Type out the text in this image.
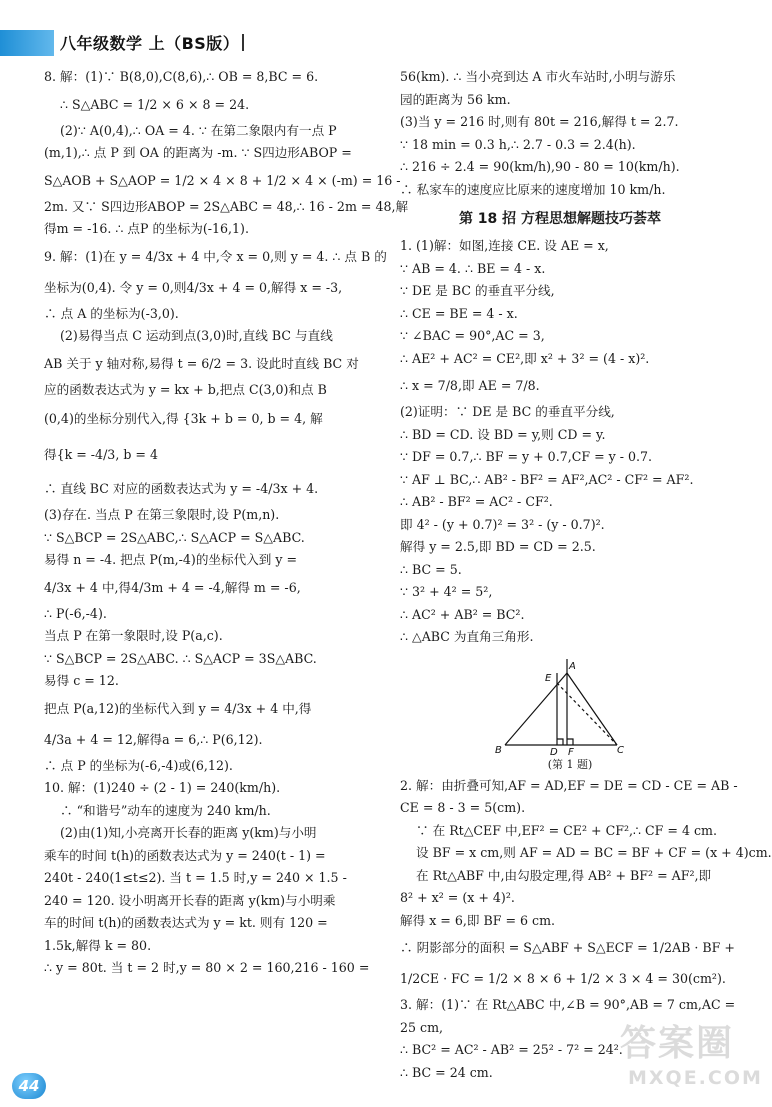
八年级数学 上（BS版）
8. 解：(1)∵ B(8,0),C(8,6),∴ OB = 8,BC = 6.
∴ S△ABC = 1/2 × 6 × 8 = 24.
(2)∵ A(0,4),∴ OA = 4. ∵ 在第二象限内有一点 P
(m,1),∴ 点 P 到 OA 的距离为 -m. ∵ S四边形ABOP =
S△AOB + S△AOP = 1/2 × 4 × 8 + 1/2 × 4 × (-m) = 16 -
2m. 又∵ S四边形ABOP = 2S△ABC = 48,∴ 16 - 2m = 48,解
得m = -16. ∴ 点P 的坐标为(-16,1).
9. 解：(1)在 y = 4/3x + 4 中,令 x = 0,则 y = 4. ∴ 点 B 的
坐标为(0,4). 令 y = 0,则4/3x + 4 = 0,解得 x = -3,
∴ 点 A 的坐标为(-3,0).
(2)易得当点 C 运动到点(3,0)时,直线 BC 与直线
AB 关于 y 轴对称,易得 t = 6/2 = 3. 设此时直线 BC 对
应的函数表达式为 y = kx + b,把点 C(3,0)和点 B
(0,4)的坐标分别代入,得 {3k + b = 0, b = 4, 解
得{k = -4/3, b = 4
∴ 直线 BC 对应的函数表达式为 y = -4/3x + 4.
(3)存在. 当点 P 在第三象限时,设 P(m,n).
∵ S△BCP = 2S△ABC,∴ S△ACP = S△ABC.
易得 n = -4. 把点 P(m,-4)的坐标代入到 y =
4/3x + 4 中,得4/3m + 4 = -4,解得 m = -6,
∴ P(-6,-4).
当点 P 在第一象限时,设 P(a,c).
∵ S△BCP = 2S△ABC. ∴ S△ACP = 3S△ABC.
易得 c = 12.
把点 P(a,12)的坐标代入到 y = 4/3x + 4 中,得
4/3a + 4 = 12,解得a = 6,∴ P(6,12).
∴ 点 P 的坐标为(-6,-4)或(6,12).
10. 解：(1)240 ÷ (2 - 1) = 240(km/h).
∴ “和谐号”动车的速度为 240 km/h.
(2)由(1)知,小亮离开长春的距离 y(km)与小明
乘车的时间 t(h)的函数表达式为 y = 240(t - 1) =
240t - 240(1≤t≤2). 当 t = 1.5 时,y = 240 × 1.5 -
240 = 120. 设小明离开长春的距离 y(km)与小明乘
车的时间 t(h)的函数表达式为 y = kt. 则有 120 =
1.5k,解得 k = 80.
∴ y = 80t. 当 t = 2 时,y = 80 × 2 = 160,216 - 160 =
56(km). ∴ 当小亮到达 A 市火车站时,小明与游乐
园的距离为 56 km.
(3)当 y = 216 时,则有 80t = 216,解得 t = 2.7.
∵ 18 min = 0.3 h,∴ 2.7 - 0.3 = 2.4(h).
∴ 216 ÷ 2.4 = 90(km/h),90 - 80 = 10(km/h).
∴ 私家车的速度应比原来的速度增加 10 km/h.
第 18 招 方程思想解题技巧荟萃
1. (1)解：如图,连接 CE. 设 AE = x,
∵ AB = 4. ∴ BE = 4 - x.
∵ DE 是 BC 的垂直平分线,
∴ CE = BE = 4 - x.
∵ ∠BAC = 90°,AC = 3,
∴ AE² + AC² = CE²,即 x² + 3² = (4 - x)².
∴ x = 7/8,即 AE = 7/8.
(2)证明：∵ DE 是 BC 的垂直平分线,
∴ BD = CD. 设 BD = y,则 CD = y.
∵ DF = 0.7,∴ BF = y + 0.7,CF = y - 0.7.
∵ AF ⊥ BC,∴ AB² - BF² = AF²,AC² - CF² = AF².
∴ AB² - BF² = AC² - CF².
即 4² - (y + 0.7)² = 3² - (y - 0.7)².
解得 y = 2.5,即 BD = CD = 2.5.
∴ BC = 5.
∵ 3² + 4² = 5²,
∴ AC² + AB² = BC².
∴ △ABC 为直角三角形.
A
B	C
D
E
F
(第 1 题)
2. 解：由折叠可知,AF = AD,EF = DE = CD - CE = AB -
CE = 8 - 3 = 5(cm).
∵ 在 Rt△CEF 中,EF² = CE² + CF²,∴ CF = 4 cm.
设 BF = x cm,则 AF = AD = BC = BF + CF = (x + 4)cm.
在 Rt△ABF 中,由勾股定理,得 AB² + BF² = AF²,即
8² + x² = (x + 4)².
解得 x = 6,即 BF = 6 cm.
∴ 阴影部分的面积 = S△ABF + S△ECF = 1/2AB · BF +
1/2CE · FC = 1/2 × 8 × 6 + 1/2 × 3 × 4 = 30(cm²).
3. 解：(1)∵ 在 Rt△ABC 中,∠B = 90°,AB = 7 cm,AC =
25 cm,
∴ BC² = AC² - AB² = 25² - 7² = 24².
∴ BC = 24 cm.
44
答案圈
MXQE.COM
